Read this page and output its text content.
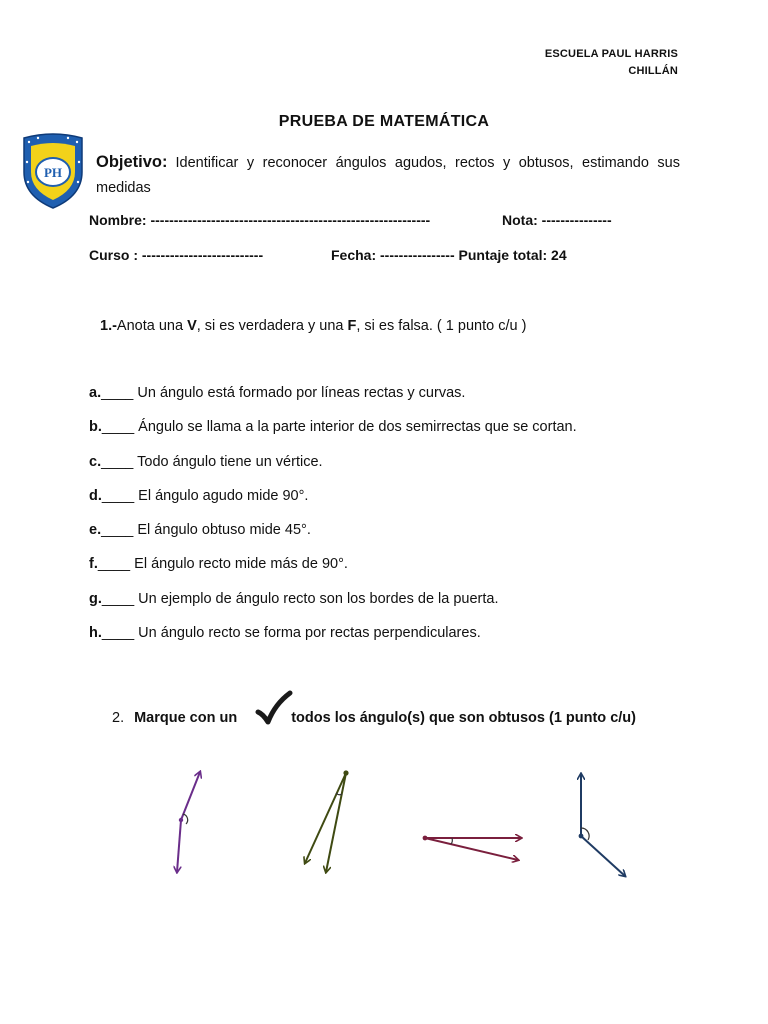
ESCUELA PAUL HARRIS
CHILLÁN
PRUEBA DE MATEMÁTICA
PH
Objetivo: Identificar y reconocer ángulos agudos, rectos y obtusos, estimando sus medidas
Nombre: ------------------------------------------------------------	Nota: ---------------
Curso : --------------------------	Fecha: ---------------- Puntaje total: 24
1.-Anota una V, si es verdadera y una F, si es falsa. ( 1 punto c/u )
a.____ Un ángulo está formado por líneas rectas y curvas.
b.____ Ángulo se llama a la parte interior de dos semirrectas que se cortan.
c.____ Todo ángulo tiene un vértice.
d.____ El ángulo agudo mide 90°.
e.____ El ángulo obtuso mide 45°.
f.____ El ángulo recto mide más de 90°.
g.____ Un ejemplo de ángulo recto son los bordes de la puerta.
h.____ Un ángulo recto se forma por rectas perpendiculares.
2. Marque con un	todos los ángulo(s) que son obtusos (1 punto c/u)
